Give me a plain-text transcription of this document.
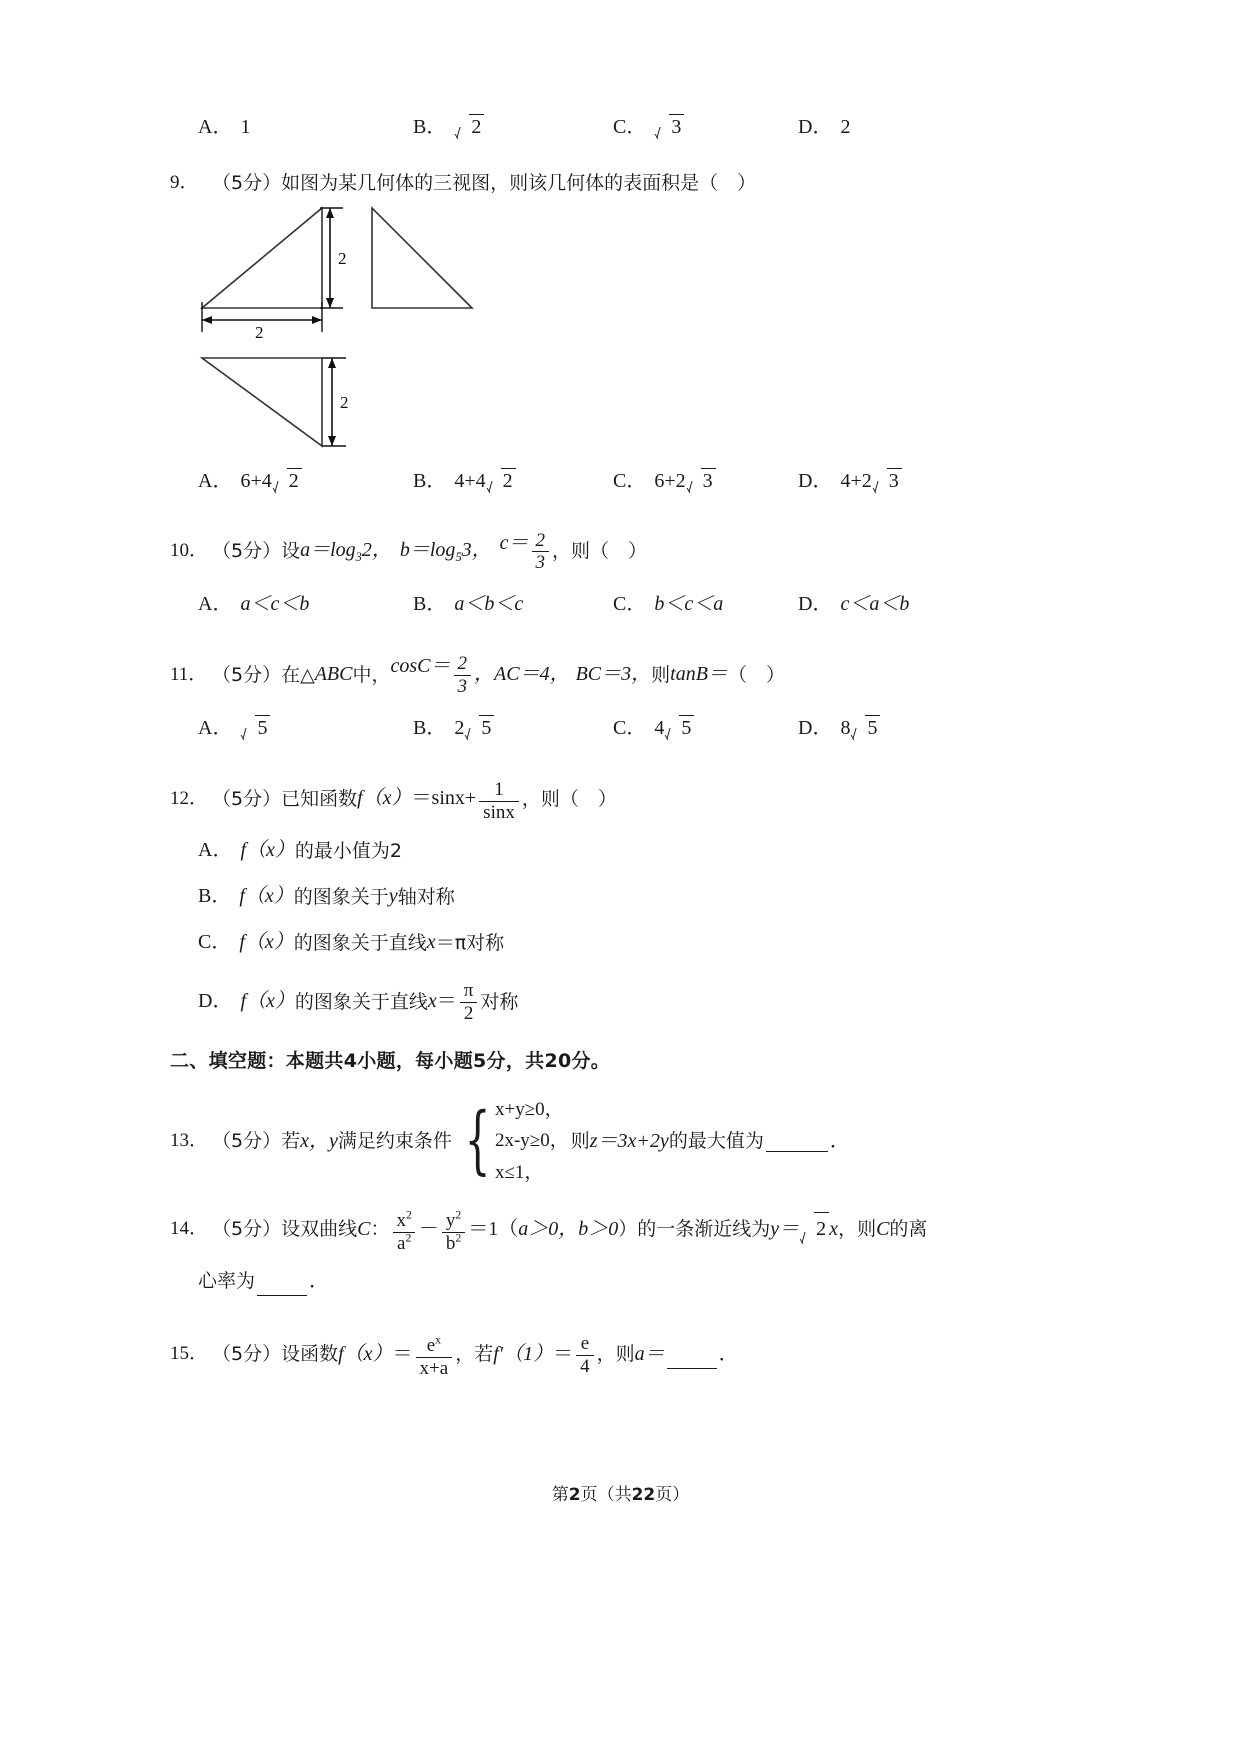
A． 1	B． 2	C． 3	D． 2
9． （5分） 如图为某几何体的三视图，则该几何体的表面积是（　）
2
2
2
A． 6+4 2	B． 4+4 2	C． 6+2 3	D． 4+2 3
10． （5分） 设 $a=\log_32$， $b=\log_53$， $c= \frac{2}{3}$ ，则（　）
A． a＜c＜b	B． a＜b＜c	C． b＜c＜a	D． c＜a＜b
11． （5分） 在△ ABC 中， $\cos C= \frac{2}{3}$ ，AC＝4， BC＝3， 则 tanB＝ （　）
A． 5	B． 2 5	C． 4 5	D． 8 5
12． （5分） 已知函数 $f(x) =\sin x+ \frac{1}{\sin x}$ ，则（　）
A． f（x） 的最小值为2
B． f（x） 的图象关于 y 轴对称
C． f（x） 的图象关于直线 x ＝π对称
D． f（x） 的图象关于直线 $x = \frac{\pi}{2}$ 对称
二、填空题：本题共4小题，每小题5分，共20分。
13． （5分） 若 x，y 满足约束条件 { x+y≥0，
2x-y≥0，
x≤1，
则 z＝3x+2y 的最大值为	．
14． （5分） 设双曲线 C ： $\frac{x^2}{a^2} - \frac{y^2}{b^2} =1$（ a＞0，b＞0 ） 的一条渐近线为 y＝ 2 x ，则 C 的离
心率为	．
15． （5分） 设函数 $f(x) = \frac{e^x}{x+a}$ ，若 $f'(1) = \frac{e}{4}$ ，则 a＝	．
第2页（共22页）
